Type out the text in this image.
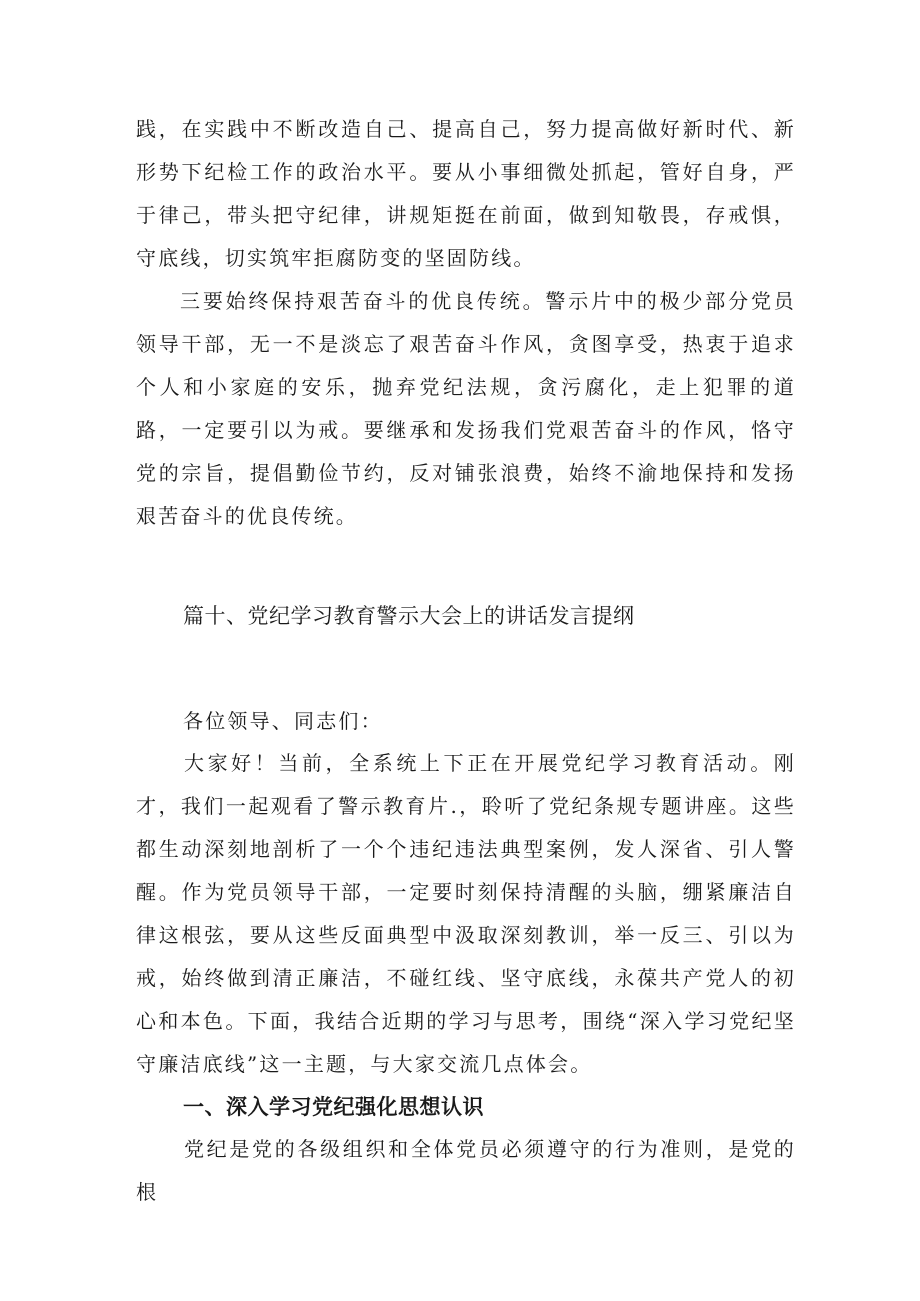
践，在实践中不断改造自己、提高自己，努力提高做好新时代、新形势下纪检工作的政治水平。要从小事细微处抓起，管好自身，严于律己，带头把守纪律，讲规矩挺在前面，做到知敬畏，存戒惧，守底线，切实筑牢拒腐防变的坚固防线。

三要始终保持艰苦奋斗的优良传统。警示片中的极少部分党员领导干部，无一不是淡忘了艰苦奋斗作风，贪图享受，热衷于追求个人和小家庭的安乐，抛弃党纪法规，贪污腐化，走上犯罪的道路，一定要引以为戒。要继承和发扬我们党艰苦奋斗的作风，恪守党的宗旨，提倡勤俭节约，反对铺张浪费，始终不渝地保持和发扬艰苦奋斗的优良传统。

篇十、党纪学习教育警示大会上的讲话发言提纲

各位领导、同志们：

大家好！当前，全系统上下正在开展党纪学习教育活动。刚才，我们一起观看了警示教育片.，聆听了党纪条规专题讲座。这些都生动深刻地剖析了一个个违纪违法典型案例，发人深省、引人警醒。作为党员领导干部，一定要时刻保持清醒的头脑，绷紧廉洁自律这根弦，要从这些反面典型中汲取深刻教训，举一反三、引以为戒，始终做到清正廉洁，不碰红线、坚守底线，永葆共产党人的初心和本色。下面，我结合近期的学习与思考，围绕“深入学习党纪坚守廉洁底线”这一主题，与大家交流几点体会。

一、深入学习党纪强化思想认识

党纪是党的各级组织和全体党员必须遵守的行为准则，是党的根
